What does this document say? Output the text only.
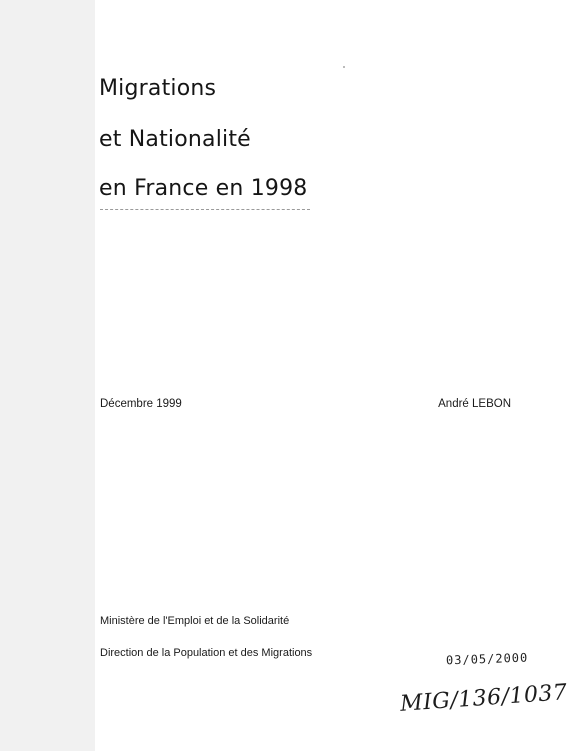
Migrations
et Nationalité
en France en 1998
Décembre 1999	André LEBON
Ministère de l'Emploi et de la Solidarité
Direction de la Population et des Migrations	03/05/2000
MIG/136/1037
